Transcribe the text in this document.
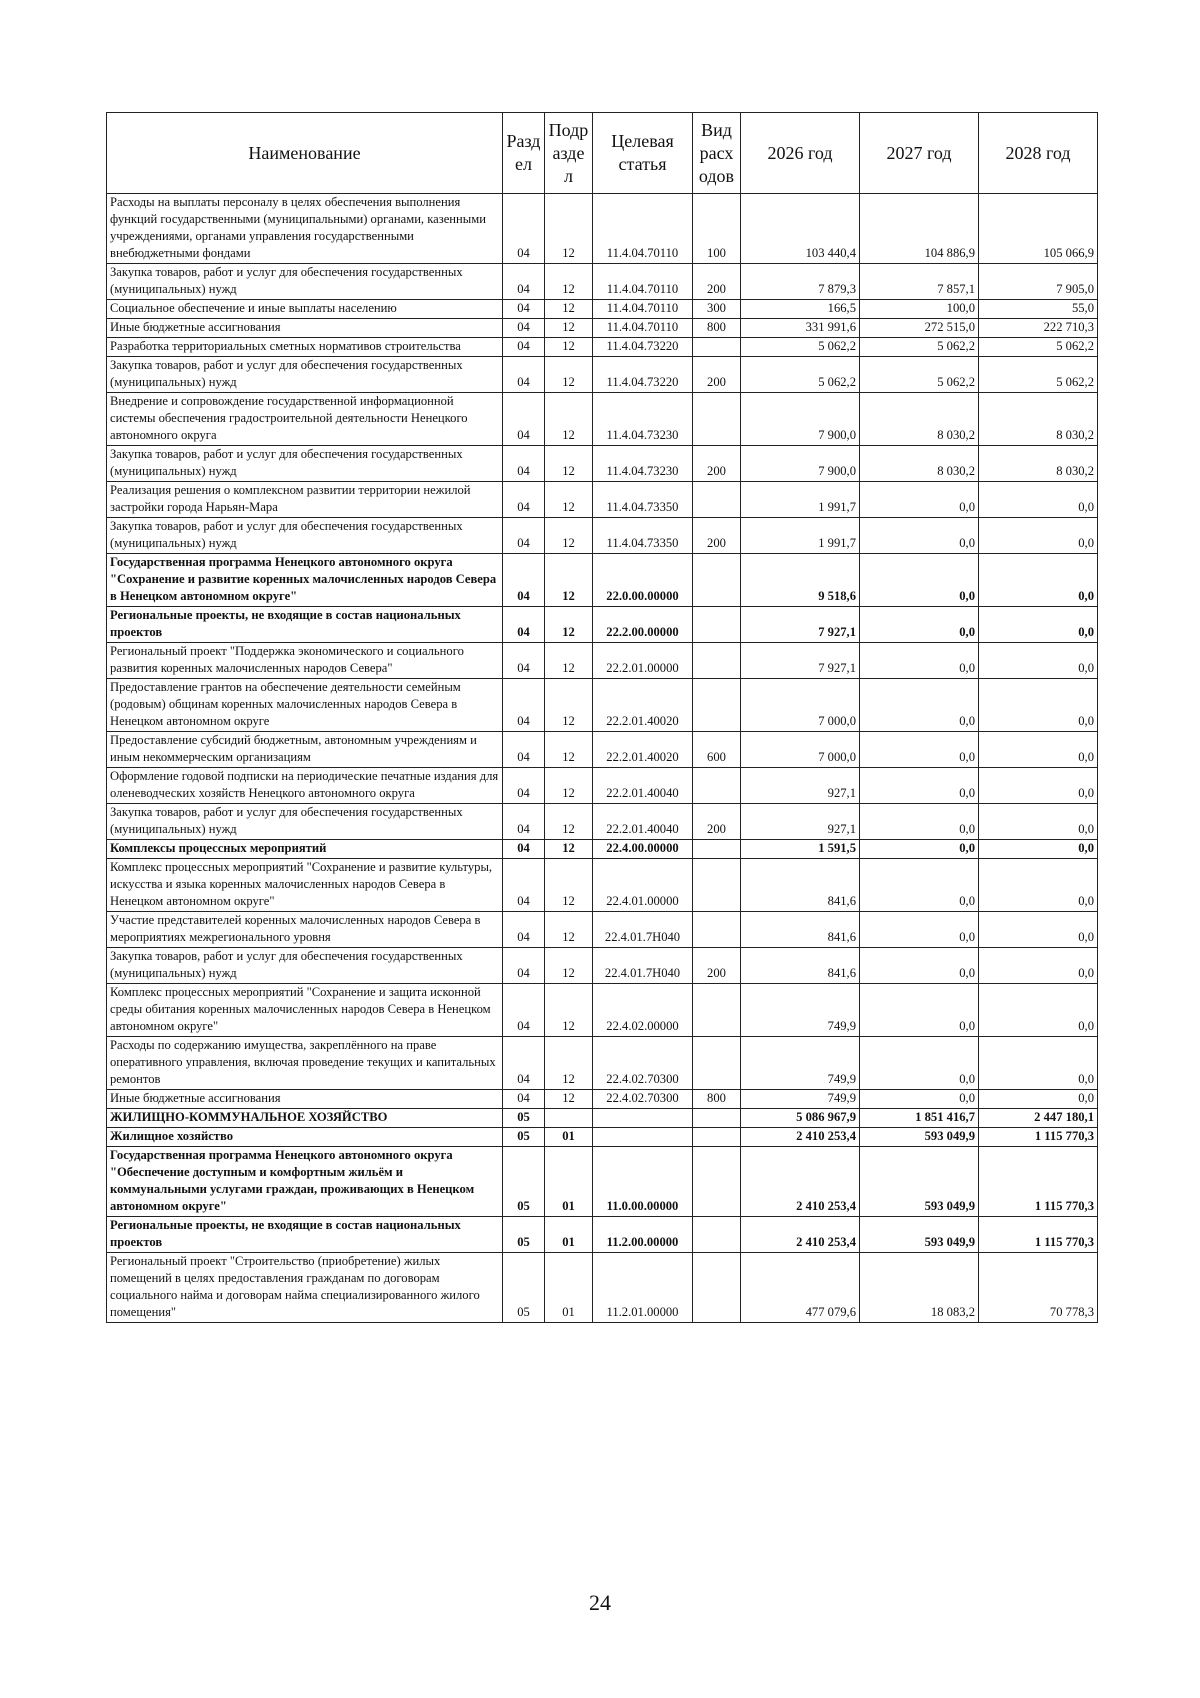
Наименование	Разд ел	Подр азде л	Целевая статья	Вид расх одов	2026 год	2027 год	2028 год
Расходы на выплаты персоналу в целях обеспечения выполнения функций государственными (муниципальными) органами, казенными учреждениями, органами управления государственными внебюджетными фондами	04	12	11.4.04.70110	100	103 440,4	104 886,9	105 066,9
Закупка товаров, работ и услуг для обеспечения государственных (муниципальных) нужд	04	12	11.4.04.70110	200	7 879,3	7 857,1	7 905,0
Социальное обеспечение и иные выплаты населению	04	12	11.4.04.70110	300	166,5	100,0	55,0
Иные бюджетные ассигнования	04	12	11.4.04.70110	800	331 991,6	272 515,0	222 710,3
Разработка территориальных сметных нормативов строительства	04	12	11.4.04.73220		5 062,2	5 062,2	5 062,2
Закупка товаров, работ и услуг для обеспечения государственных (муниципальных) нужд	04	12	11.4.04.73220	200	5 062,2	5 062,2	5 062,2
Внедрение и сопровождение государственной информационной системы обеспечения градостроительной деятельности Ненецкого автономного округа	04	12	11.4.04.73230		7 900,0	8 030,2	8 030,2
Закупка товаров, работ и услуг для обеспечения государственных (муниципальных) нужд	04	12	11.4.04.73230	200	7 900,0	8 030,2	8 030,2
Реализация решения о комплексном развитии территории нежилой застройки города Нарьян-Мара	04	12	11.4.04.73350		1 991,7	0,0	0,0
Закупка товаров, работ и услуг для обеспечения государственных (муниципальных) нужд	04	12	11.4.04.73350	200	1 991,7	0,0	0,0
Государственная программа Ненецкого автономного округа "Сохранение и развитие коренных малочисленных народов Севера в Ненецком автономном округе"	04	12	22.0.00.00000		9 518,6	0,0	0,0
Региональные проекты, не входящие в состав национальных проектов	04	12	22.2.00.00000		7 927,1	0,0	0,0
Региональный проект "Поддержка экономического и социального развития коренных малочисленных народов Севера"	04	12	22.2.01.00000		7 927,1	0,0	0,0
Предоставление грантов на обеспечение деятельности семейным (родовым) общинам коренных малочисленных народов Севера в Ненецком автономном округе	04	12	22.2.01.40020		7 000,0	0,0	0,0
Предоставление субсидий бюджетным, автономным учреждениям и иным некоммерческим организациям	04	12	22.2.01.40020	600	7 000,0	0,0	0,0
Оформление годовой подписки на периодические печатные издания для оленеводческих хозяйств Ненецкого автономного округа	04	12	22.2.01.40040		927,1	0,0	0,0
Закупка товаров, работ и услуг для обеспечения государственных (муниципальных) нужд	04	12	22.2.01.40040	200	927,1	0,0	0,0
Комплексы процессных мероприятий	04	12	22.4.00.00000		1 591,5	0,0	0,0
Комплекс процессных мероприятий "Сохранение и развитие культуры, искусства и языка коренных малочисленных народов Севера в Ненецком автономном округе"	04	12	22.4.01.00000		841,6	0,0	0,0
Участие представителей коренных малочисленных народов Севера в мероприятиях межрегионального уровня	04	12	22.4.01.7Н040		841,6	0,0	0,0
Закупка товаров, работ и услуг для обеспечения государственных (муниципальных) нужд	04	12	22.4.01.7Н040	200	841,6	0,0	0,0
Комплекс процессных мероприятий "Сохранение и защита исконной среды обитания коренных малочисленных народов Севера в Ненецком автономном округе"	04	12	22.4.02.00000		749,9	0,0	0,0
Расходы по содержанию имущества, закреплённого на праве оперативного управления, включая проведение текущих и капитальных ремонтов	04	12	22.4.02.70300		749,9	0,0	0,0
Иные бюджетные ассигнования	04	12	22.4.02.70300	800	749,9	0,0	0,0
ЖИЛИЩНО-КОММУНАЛЬНОЕ ХОЗЯЙСТВО	05				5 086 967,9	1 851 416,7	2 447 180,1
Жилищное хозяйство	05	01			2 410 253,4	593 049,9	1 115 770,3
Государственная программа Ненецкого автономного округа "Обеспечение доступным и комфортным жильём и коммунальными услугами граждан, проживающих в Ненецком автономном округе"	05	01	11.0.00.00000		2 410 253,4	593 049,9	1 115 770,3
Региональные проекты, не входящие в состав национальных проектов	05	01	11.2.00.00000		2 410 253,4	593 049,9	1 115 770,3
Региональный проект "Строительство (приобретение) жилых помещений в целях предоставления гражданам по договорам социального найма и договорам найма специализированного жилого помещения"	05	01	11.2.01.00000		477 079,6	18 083,2	70 778,3
24
